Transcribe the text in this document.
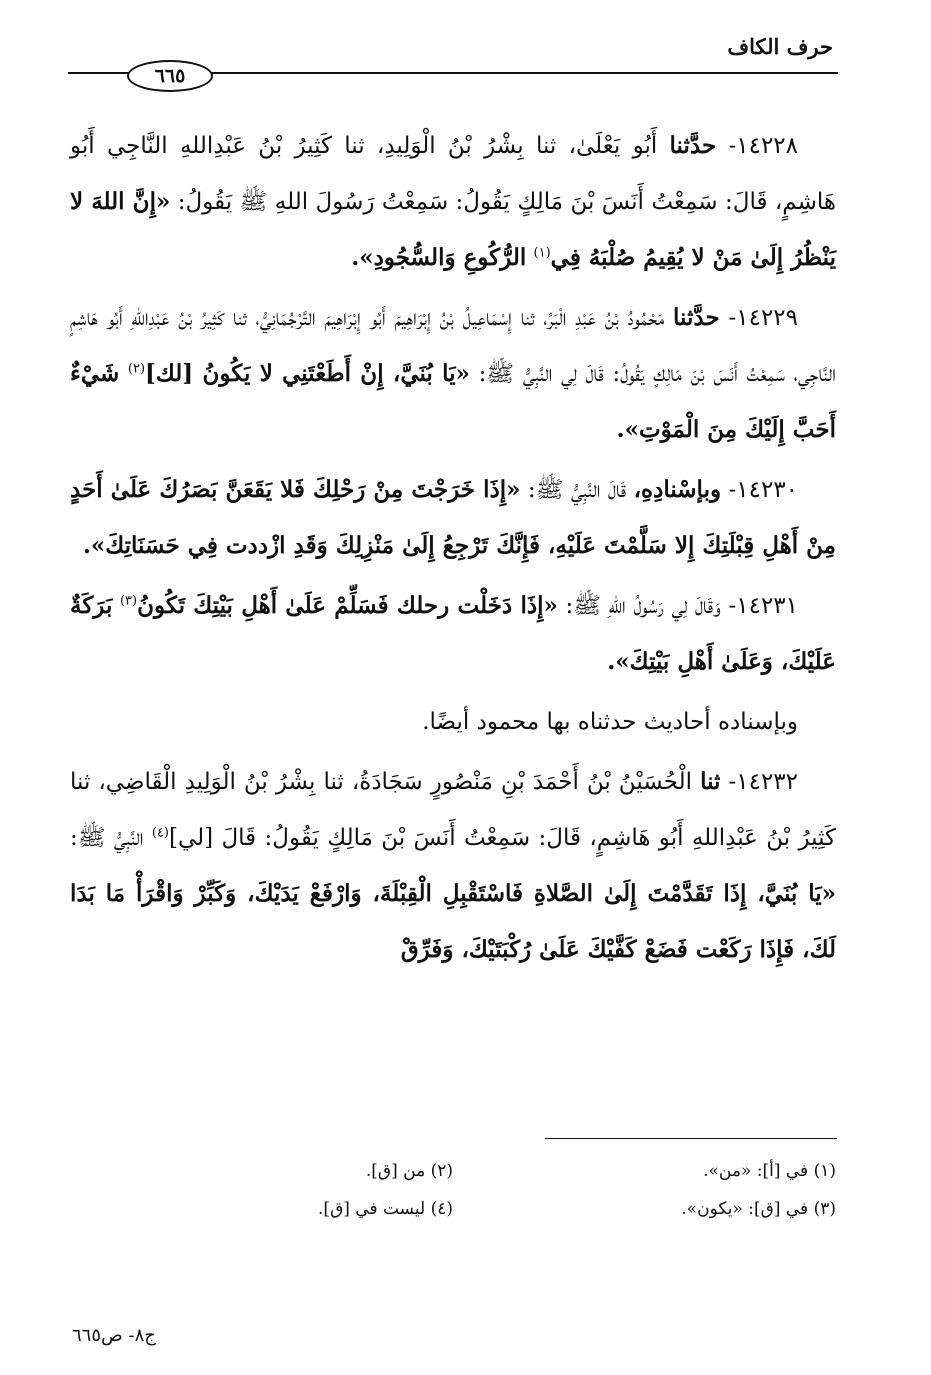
حرف الكاف
٦٦٥

١٤٢٢٨- حدَّثنا أَبُو يَعْلَىٰ، ثنا بِشْرُ بْنُ الْوَلِيدِ، ثنا كَثِيرُ بْنُ عَبْدِاللهِ النَّاجِي أَبُو هَاشِمٍ، قَالَ: سَمِعْتُ أَنَسَ بْنَ مَالِكٍ يَقُولُ: سَمِعْتُ رَسُولَ اللهِ ﷺ يَقُولُ: «إِنَّ اللهَ لا يَنْظُرُ إِلَىٰ مَنْ لا يُقِيمُ صُلْبَهُ فِي$^{(١)}$ الرُّكُوعِ وَالسُّجُودِ».

١٤٢٢٩- حدَّثنا مَحْمُودُ بْنُ عَبْدِ الْبَرِّ، ثنا إِسْمَاعِيلُ بْنُ إِبْرَاهِيمَ أَبُو إِبْرَاهِيمَ التَّرْجُمَانِيُّ، ثنا كَثِيرُ بْنُ عَبْدِاللهِ أَبُو هَاشِمٍ النَّاجِي، سَمِعْتُ أَنَسَ بْنَ مَالِكٍ يَقُولُ: قَالَ لِي النَّبِيُّ ﷺ: «يَا بُنَيَّ، إِنْ أَطَعْتَنِي لا يَكُونُ [لك]$^{(٢)}$ شَيْءٌ أَحَبَّ إِلَيْكَ مِنَ الْمَوْتِ».

١٤٢٣٠- وبإسْنادِهِ، قَالَ النَّبِيُّ ﷺ: «إِذَا خَرَجْتَ مِنْ رَحْلِكَ فَلا يَقَعَنَّ بَصَرُكَ عَلَىٰ أَحَدٍ مِنْ أَهْلِ قِبْلَتِكَ إِلا سَلَّمْتَ عَلَيْهِ، فَإِنَّكَ تَرْجِعُ إِلَىٰ مَنْزِلِكَ وَقَدِ ازْددت فِي حَسَنَاتِكَ».

١٤٢٣١- وَقَالَ لِي رَسُولُ اللهِ ﷺ: «إِذَا دَخَلْت رحلك فَسَلِّمْ عَلَىٰ أَهْلِ بَيْتِكَ تَكُونُ$^{(٣)}$ بَرَكَةٌ عَلَيْكَ، وَعَلَىٰ أَهْلِ بَيْتِكَ».

وبإسناده أحاديث حدثناه بها محمود أيضًا.

١٤٢٣٢- ثنا الْحُسَيْنُ بْنُ أَحْمَدَ بْنِ مَنْصُورٍ سَجَادَةُ، ثنا بِشْرُ بْنُ الْوَلِيدِ الْقَاضِي، ثنا كَثِيرُ بْنُ عَبْدِاللهِ أَبُو هَاشِمٍ، قَالَ: سَمِعْتُ أَنَسَ بْنَ مَالِكٍ يَقُولُ: قَالَ [لي]$^{(٤)}$ النَّبِيُّ ﷺ: «يَا بُنَيَّ، إِذَا تَقَدَّمْتَ إِلَىٰ الصَّلاةِ فَاسْتَقْبِلِ الْقِبْلَةَ، وَارْفَعْ يَدَيْكَ، وَكَبِّرْ وَاقْرَأْ مَا بَدَا لَكَ، فَإِذَا رَكَعْت فَضَعْ كَفَّيْكَ عَلَىٰ رُكْبَتَيْكَ، وَفَرِّقْ

(١) في [أ]: «من».
(٢) من [ق].
(٣) في [ق]: «يكون».
(٤) ليست في [ق].
ج٨- ص٦٦٥
